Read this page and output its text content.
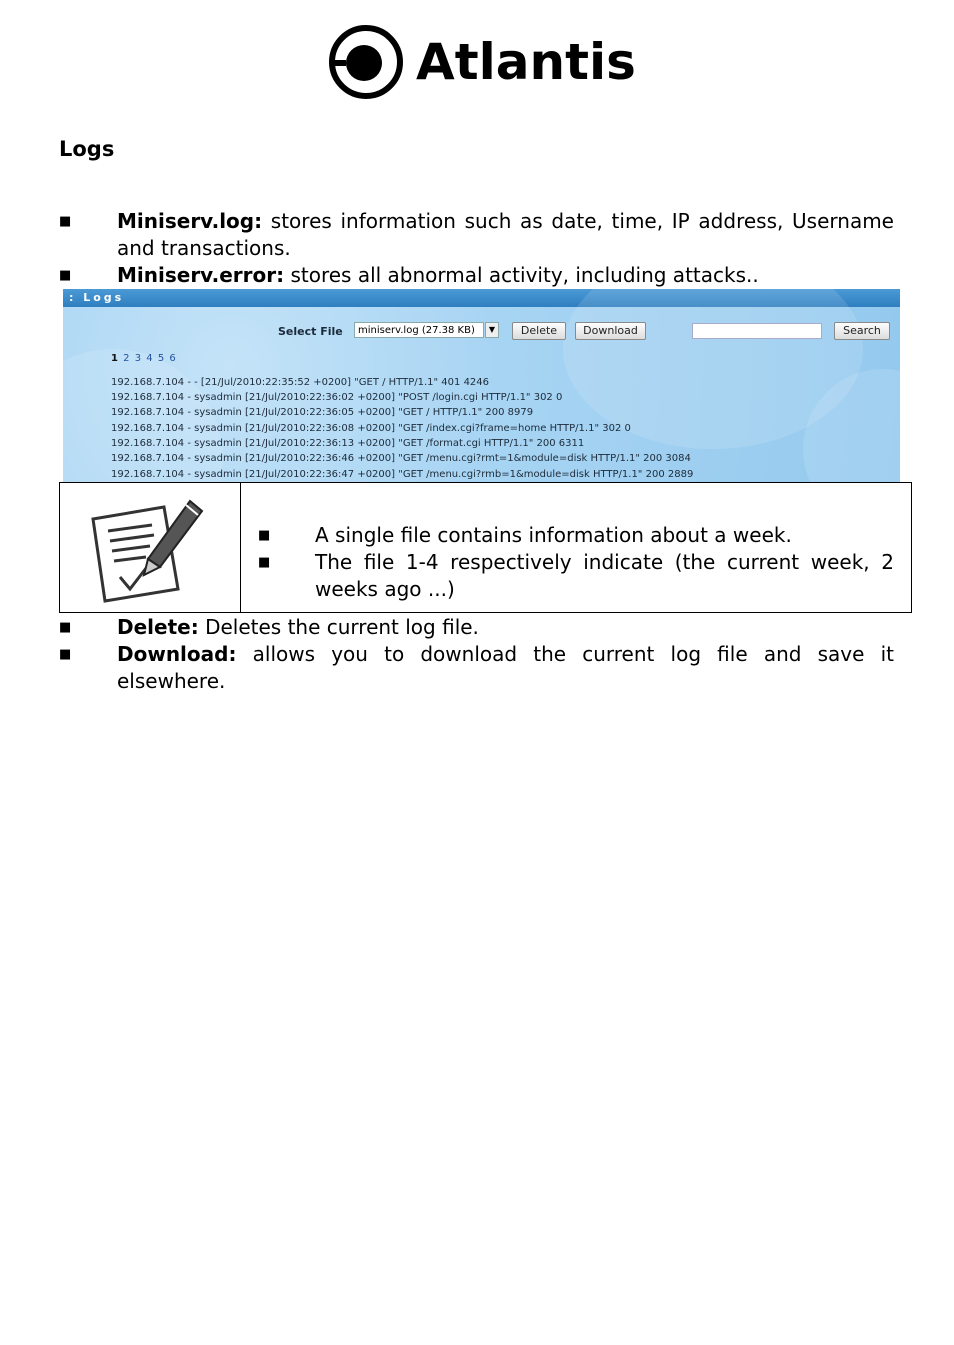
Atlantis
Logs
■ Miniserv.log: stores information such as date, time, IP address, Username
and transactions.
■ Miniserv.error: stores all abnormal activity, including attacks..
: Logs
Select File	miniserv.log (27.38 KB)	▼	Delete	Download	Search
1 2 3 4 5 6
192.168.7.104 - - [21/Jul/2010:22:35:52 +0200] "GET / HTTP/1.1" 401 4246
192.168.7.104 - sysadmin [21/Jul/2010:22:36:02 +0200] "POST /login.cgi HTTP/1.1" 302 0
192.168.7.104 - sysadmin [21/Jul/2010:22:36:05 +0200] "GET / HTTP/1.1" 200 8979
192.168.7.104 - sysadmin [21/Jul/2010:22:36:08 +0200] "GET /index.cgi?frame=home HTTP/1.1" 302 0
192.168.7.104 - sysadmin [21/Jul/2010:22:36:13 +0200] "GET /format.cgi HTTP/1.1" 200 6311
192.168.7.104 - sysadmin [21/Jul/2010:22:36:46 +0200] "GET /menu.cgi?rmt=1&module=disk HTTP/1.1" 200 3084
192.168.7.104 - sysadmin [21/Jul/2010:22:36:47 +0200] "GET /menu.cgi?rmb=1&module=disk HTTP/1.1" 200 2889
■ A single file contains information about a week.
■ The file 1-4 respectively indicate (the current week, 2
weeks ago ...)
■ Delete: Deletes the current log file.
■ Download: allows you to download the current log file and save it
elsewhere.
